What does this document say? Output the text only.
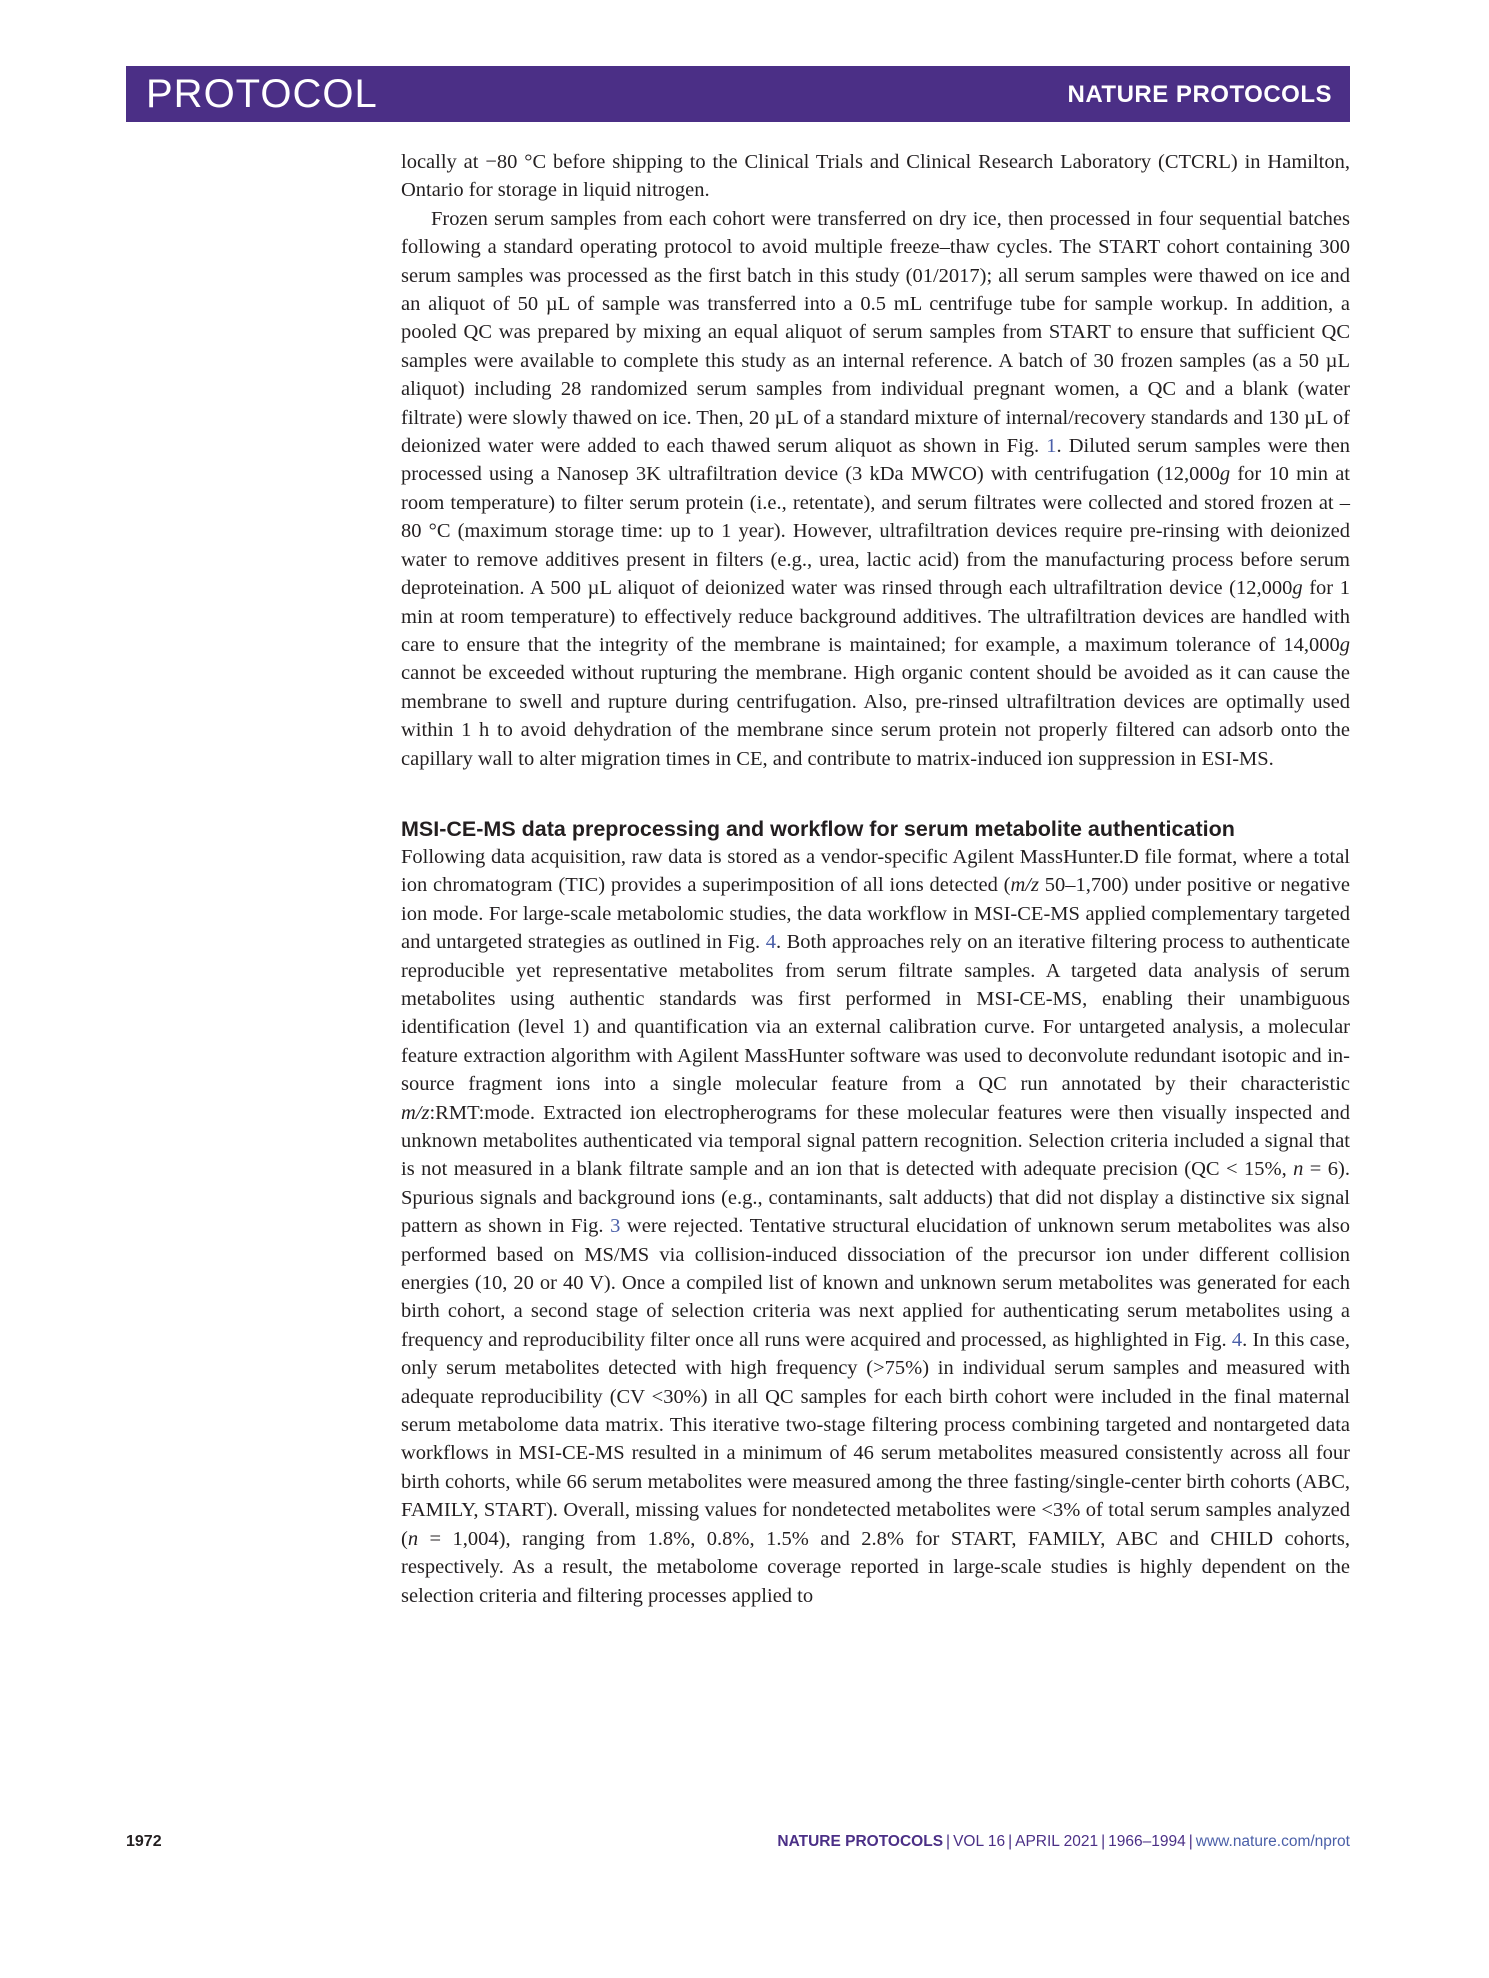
PROTOCOL	NATURE PROTOCOLS

locally at −80 °C before shipping to the Clinical Trials and Clinical Research Laboratory (CTCRL) in Hamilton, Ontario for storage in liquid nitrogen.

Frozen serum samples from each cohort were transferred on dry ice, then processed in four sequential batches following a standard operating protocol to avoid multiple freeze–thaw cycles. The START cohort containing 300 serum samples was processed as the first batch in this study (01/2017); all serum samples were thawed on ice and an aliquot of 50 µL of sample was transferred into a 0.5 mL centrifuge tube for sample workup. In addition, a pooled QC was prepared by mixing an equal aliquot of serum samples from START to ensure that sufficient QC samples were available to complete this study as an internal reference. A batch of 30 frozen samples (as a 50 µL aliquot) including 28 randomized serum samples from individual pregnant women, a QC and a blank (water filtrate) were slowly thawed on ice. Then, 20 µL of a standard mixture of internal/recovery standards and 130 µL of deionized water were added to each thawed serum aliquot as shown in Fig. 1. Diluted serum samples were then processed using a Nanosep 3K ultrafiltration device (3 kDa MWCO) with centrifugation (12,000g for 10 min at room temperature) to filter serum protein (i.e., retentate), and serum filtrates were collected and stored frozen at –80 °C (maximum storage time: up to 1 year). However, ultrafiltration devices require pre-rinsing with deionized water to remove additives present in filters (e.g., urea, lactic acid) from the manufacturing process before serum deproteination. A 500 µL aliquot of deionized water was rinsed through each ultrafiltration device (12,000g for 1 min at room temperature) to effectively reduce background additives. The ultrafiltration devices are handled with care to ensure that the integrity of the membrane is maintained; for example, a maximum tolerance of 14,000g cannot be exceeded without rupturing the membrane. High organic content should be avoided as it can cause the membrane to swell and rupture during centrifugation. Also, pre-rinsed ultrafiltration devices are optimally used within 1 h to avoid dehydration of the membrane since serum protein not properly filtered can adsorb onto the capillary wall to alter migration times in CE, and contribute to matrix-induced ion suppression in ESI-MS.

MSI-CE-MS data preprocessing and workflow for serum metabolite authentication

Following data acquisition, raw data is stored as a vendor-specific Agilent MassHunter.D file format, where a total ion chromatogram (TIC) provides a superimposition of all ions detected (m/z 50–1,700) under positive or negative ion mode. For large-scale metabolomic studies, the data workflow in MSI-CE-MS applied complementary targeted and untargeted strategies as outlined in Fig. 4. Both approaches rely on an iterative filtering process to authenticate reproducible yet representative metabolites from serum filtrate samples. A targeted data analysis of serum metabolites using authentic standards was first performed in MSI-CE-MS, enabling their unambiguous identification (level 1) and quantification via an external calibration curve. For untargeted analysis, a molecular feature extraction algorithm with Agilent MassHunter software was used to deconvolute redundant isotopic and in-source fragment ions into a single molecular feature from a QC run annotated by their characteristic m/z:RMT:mode. Extracted ion electropherograms for these molecular features were then visually inspected and unknown metabolites authenticated via temporal signal pattern recognition. Selection criteria included a signal that is not measured in a blank filtrate sample and an ion that is detected with adequate precision (QC < 15%, n = 6). Spurious signals and background ions (e.g., contaminants, salt adducts) that did not display a distinctive six signal pattern as shown in Fig. 3 were rejected. Tentative structural elucidation of unknown serum metabolites was also performed based on MS/MS via collision-induced dissociation of the precursor ion under different collision energies (10, 20 or 40 V). Once a compiled list of known and unknown serum metabolites was generated for each birth cohort, a second stage of selection criteria was next applied for authenticating serum metabolites using a frequency and reproducibility filter once all runs were acquired and processed, as highlighted in Fig. 4. In this case, only serum metabolites detected with high frequency (>75%) in individual serum samples and measured with adequate reproducibility (CV <30%) in all QC samples for each birth cohort were included in the final maternal serum metabolome data matrix. This iterative two-stage filtering process combining targeted and nontargeted data workflows in MSI-CE-MS resulted in a minimum of 46 serum metabolites measured consistently across all four birth cohorts, while 66 serum metabolites were measured among the three fasting/single-center birth cohorts (ABC, FAMILY, START). Overall, missing values for nondetected metabolites were <3% of total serum samples analyzed (n = 1,004), ranging from 1.8%, 0.8%, 1.5% and 2.8% for START, FAMILY, ABC and CHILD cohorts, respectively. As a result, the metabolome coverage reported in large-scale studies is highly dependent on the selection criteria and filtering processes applied to

1972	NATURE PROTOCOLS | VOL 16 | APRIL 2021 | 1966–1994 | www.nature.com/nprot
